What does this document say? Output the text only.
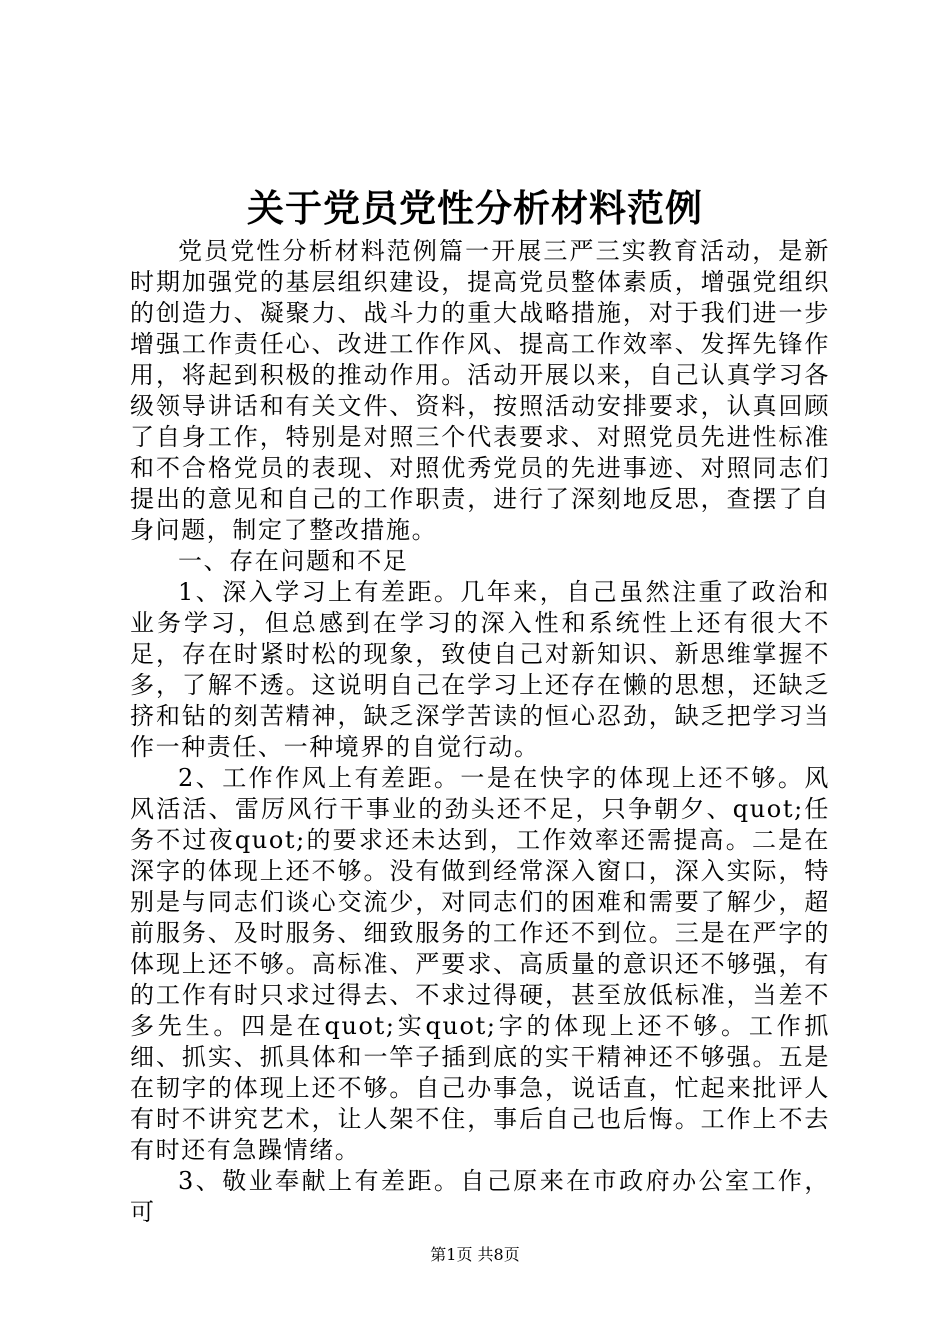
关于党员党性分析材料范例

党员党性分析材料范例篇一开展三严三实教育活动，是新时期加强党的基层组织建设，提高党员整体素质，增强党组织的创造力、凝聚力、战斗力的重大战略措施，对于我们进一步增强工作责任心、改进工作作风、提高工作效率、发挥先锋作用，将起到积极的推动作用。活动开展以来，自己认真学习各级领导讲话和有关文件、资料，按照活动安排要求，认真回顾了自身工作，特别是对照三个代表要求、对照党员先进性标准和不合格党员的表现、对照优秀党员的先进事迹、对照同志们提出的意见和自己的工作职责，进行了深刻地反思，查摆了自身问题，制定了整改措施。

一、存在问题和不足

1、深入学习上有差距。几年来，自己虽然注重了政治和业务学习，但总感到在学习的深入性和系统性上还有很大不足，存在时紧时松的现象，致使自己对新知识、新思维掌握不多，了解不透。这说明自己在学习上还存在懒的思想，还缺乏挤和钻的刻苦精神，缺乏深学苦读的恒心忍劲，缺乏把学习当作一种责任、一种境界的自觉行动。

2、工作作风上有差距。一是在快字的体现上还不够。风风活活、雷厉风行干事业的劲头还不足，只争朝夕、quot;任务不过夜quot;的要求还未达到，工作效率还需提高。二是在深字的体现上还不够。没有做到经常深入窗口，深入实际，特别是与同志们谈心交流少，对同志们的困难和需要了解少，超前服务、及时服务、细致服务的工作还不到位。三是在严字的体现上还不够。高标准、严要求、高质量的意识还不够强，有的工作有时只求过得去、不求过得硬，甚至放低标准，当差不多先生。四是在quot;实quot;字的体现上还不够。工作抓细、抓实、抓具体和一竿子插到底的实干精神还不够强。五是在韧字的体现上还不够。自己办事急，说话直，忙起来批评人有时不讲究艺术，让人架不住，事后自己也后悔。工作上不去有时还有急躁情绪。

3、敬业奉献上有差距。自己原来在市政府办公室工作，可

第1页 共8页
